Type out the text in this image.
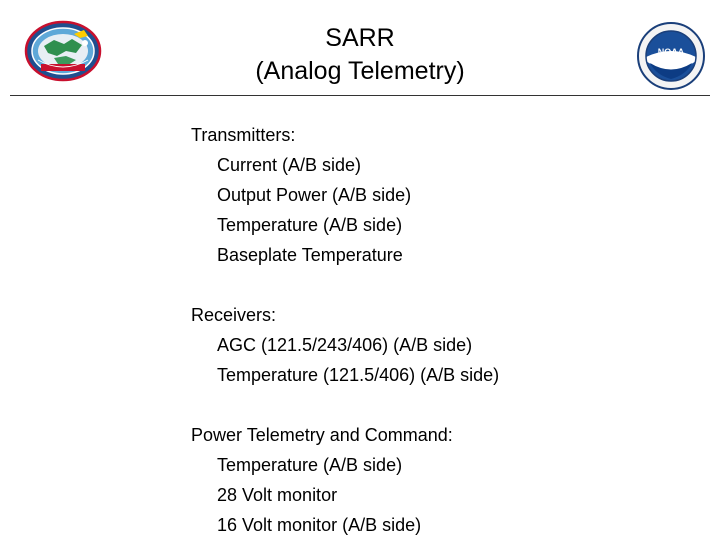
SARR
(Analog Telemetry)
NOAA
Transmitters:
Current (A/B side)
Output Power (A/B side)
Temperature (A/B side)
Baseplate Temperature
Receivers:
AGC (121.5/243/406) (A/B side)
Temperature (121.5/406) (A/B side)
Power Telemetry and Command:
Temperature (A/B side)
28 Volt monitor
16 Volt monitor (A/B side)
